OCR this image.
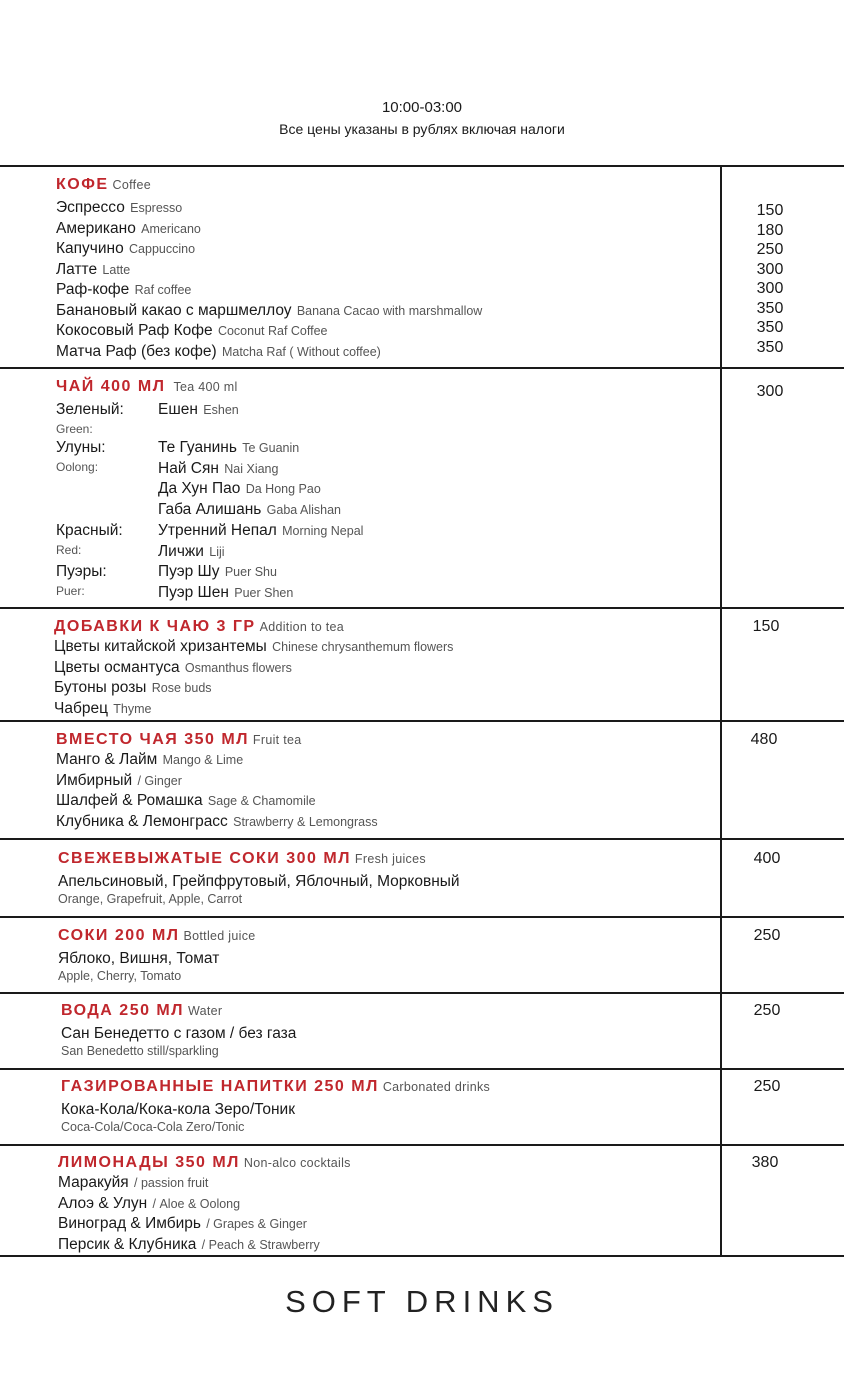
10:00-03:00
Все цены указаны в рублях включая налоги
КОФЕ Coffee
Эспрессо Espresso
Американо Americano
Капучино Cappuccino
Латте Latte
Раф-кофе Raf coffee
Банановый какао с маршмеллоу Banana Cacao with marshmallow
Кокосовый Раф Кофе Coconut Raf Coffee
Матча Раф (без кофе) Matcha Raf ( Without coffee)
150
180
250
300
300
350
350
350
ЧАЙ 400 МЛ Tea 400 ml
Зеленый:
Green:
Ешен Eshen
Улуны:
Oolong:
Те Гуанинь Te Guanin
Най Сян Nai Xiang
Да Хун Пао Da Hong Pao
Габа Алишань Gaba Alishan
Красный:
Red:
Утренний Непал Morning Nepal
Личжи Liji
Пуэры:
Puer:
Пуэр Шу Puer Shu
Пуэр Шен Puer Shen
300
ДОБАВКИ К ЧАЮ 3 ГР Addition to tea
Цветы китайской хризантемы Chinese chrysanthemum flowers
Цветы османтуса Osmanthus flowers
Бутоны розы Rose buds
Чабрец Thyme
150
ВМЕСТО ЧАЯ 350 МЛ Fruit tea
Манго & Лайм Mango & Lime
Имбирный / Ginger
Шалфей & Ромашка Sage & Chamomile
Клубника & Лемонграсс Strawberry & Lemongrass
480
СВЕЖЕВЫЖАТЫЕ СОКИ 300 МЛ Fresh juices
Апельсиновый, Грейпфрутовый, Яблочный, Морковный
Orange, Grapefruit, Apple, Carrot
400
СОКИ 200 МЛ Bottled juice
Яблоко, Вишня, Томат
Apple, Cherry, Tomato
250
ВОДА 250 МЛ Water
Сан Бенедетто с газом / без газа
San Benedetto still/sparkling
250
ГАЗИРОВАННЫЕ НАПИТКИ 250 МЛ Carbonated drinks
Кока-Кола/Кока-кола Зеро/Тоник
Coca-Cola/Coca-Cola Zero/Tonic
250
ЛИМОНАДЫ 350 МЛ Non-alco cocktails
Маракуйя / passion fruit
Алоэ & Улун / Aloe & Oolong
Виноград & Имбирь / Grapes & Ginger
Персик & Клубника / Peach & Strawberry
380
SOFT DRINKS
